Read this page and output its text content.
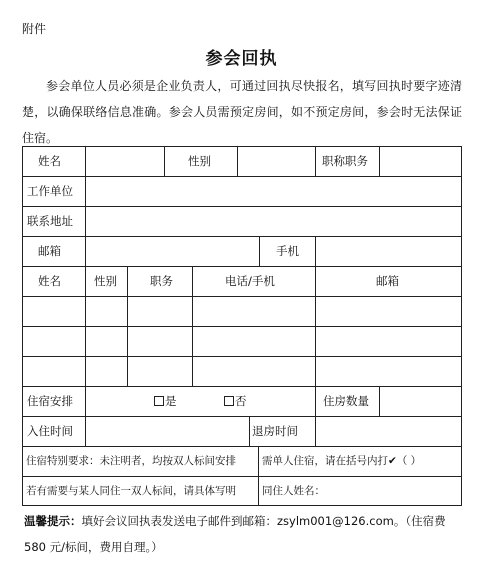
附件
参会回执
参会单位人员必须是企业负责人，可通过回执尽快报名，填写回执时要字迹清楚，以确保联络信息准确。参会人员需预定房间，如不预定房间，参会时无法保证住宿。
姓名	性别	职称职务
工作单位
联系地址
邮箱	手机
姓名	性别	职务	电话/手机	邮箱
住宿安排	是	否	住房数量
入住时间	退房时间
住宿特别要求：未注明者，均按双人标间安排 需单人住宿，请在括号内打✔（ ）
若有需要与某人同住一双人标间，请具体写明 同住人姓名：
温馨提示：填好会议回执表发送电子邮件到邮箱：zsylm001@126.com。（住宿费 580 元/标间，费用自理。）
